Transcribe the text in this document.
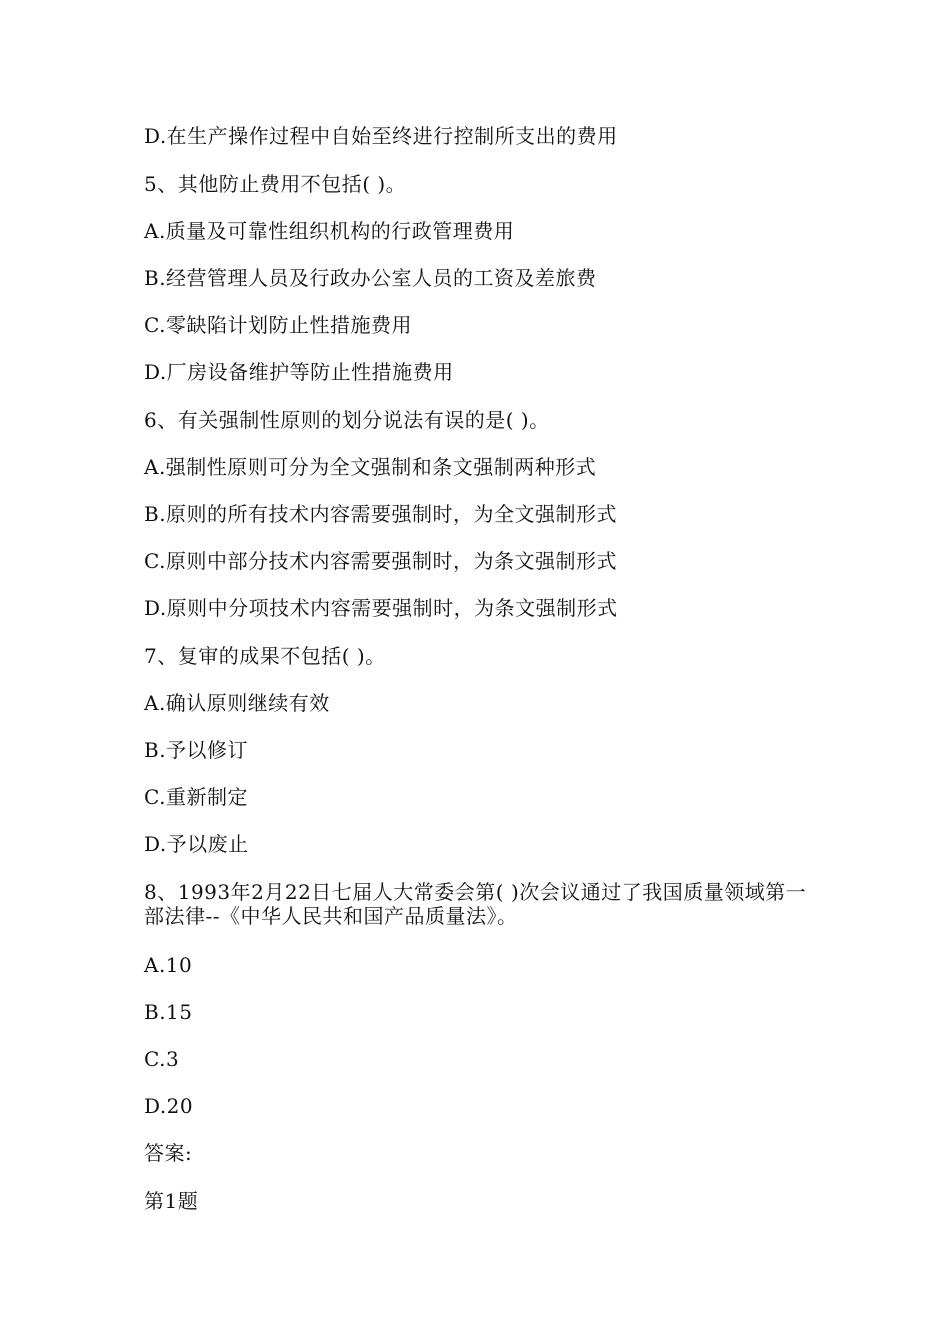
D.在生产操作过程中自始至终进行控制所支出的费用
5、其他防止费用不包括( )。
A.质量及可靠性组织机构的行政管理费用
B.经营管理人员及行政办公室人员的工资及差旅费
C.零缺陷计划防止性措施费用
D.厂房设备维护等防止性措施费用
6、有关强制性原则的划分说法有误的是( )。
A.强制性原则可分为全文强制和条文强制两种形式
B.原则的所有技术内容需要强制时，为全文强制形式
C.原则中部分技术内容需要强制时，为条文强制形式
D.原则中分项技术内容需要强制时，为条文强制形式
7、复审的成果不包括( )。
A.确认原则继续有效
B.予以修订
C.重新制定
D.予以废止
8、1993年2月22日七届人大常委会第( )次会议通过了我国质量领域第一部法律--《中华人民共和国产品质量法》。
A.10
B.15
C.3
D.20
答案:
第1题
